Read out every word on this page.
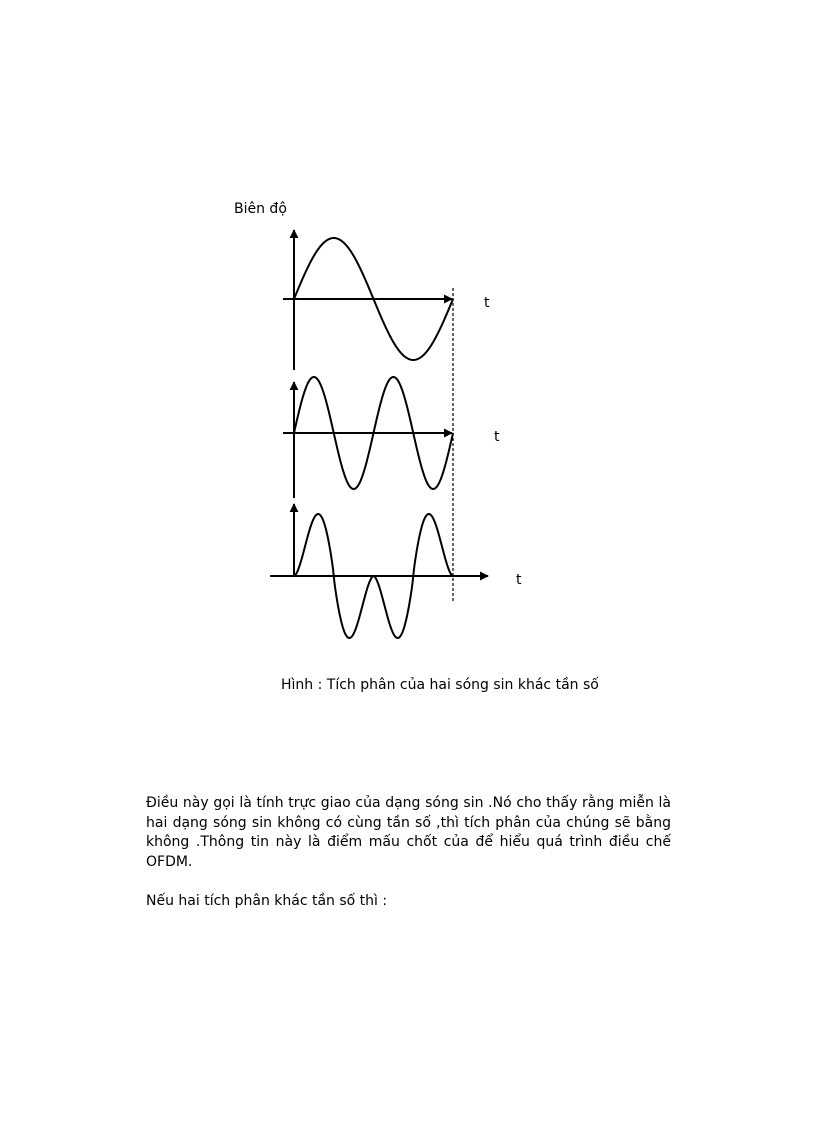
Biên độ
t
t
t
Hình : Tích phân của hai sóng sin khác tần số

Điều này gọi là tính trực giao của dạng sóng sin .Nó cho thấy rằng miễn là hai dạng sóng sin không có cùng tần số ,thì tích phân của chúng sẽ bằng không .Thông tin này là điểm mấu chốt của để hiểu quá trình điều chế OFDM.

Nếu hai tích phân khác tần số thì :
